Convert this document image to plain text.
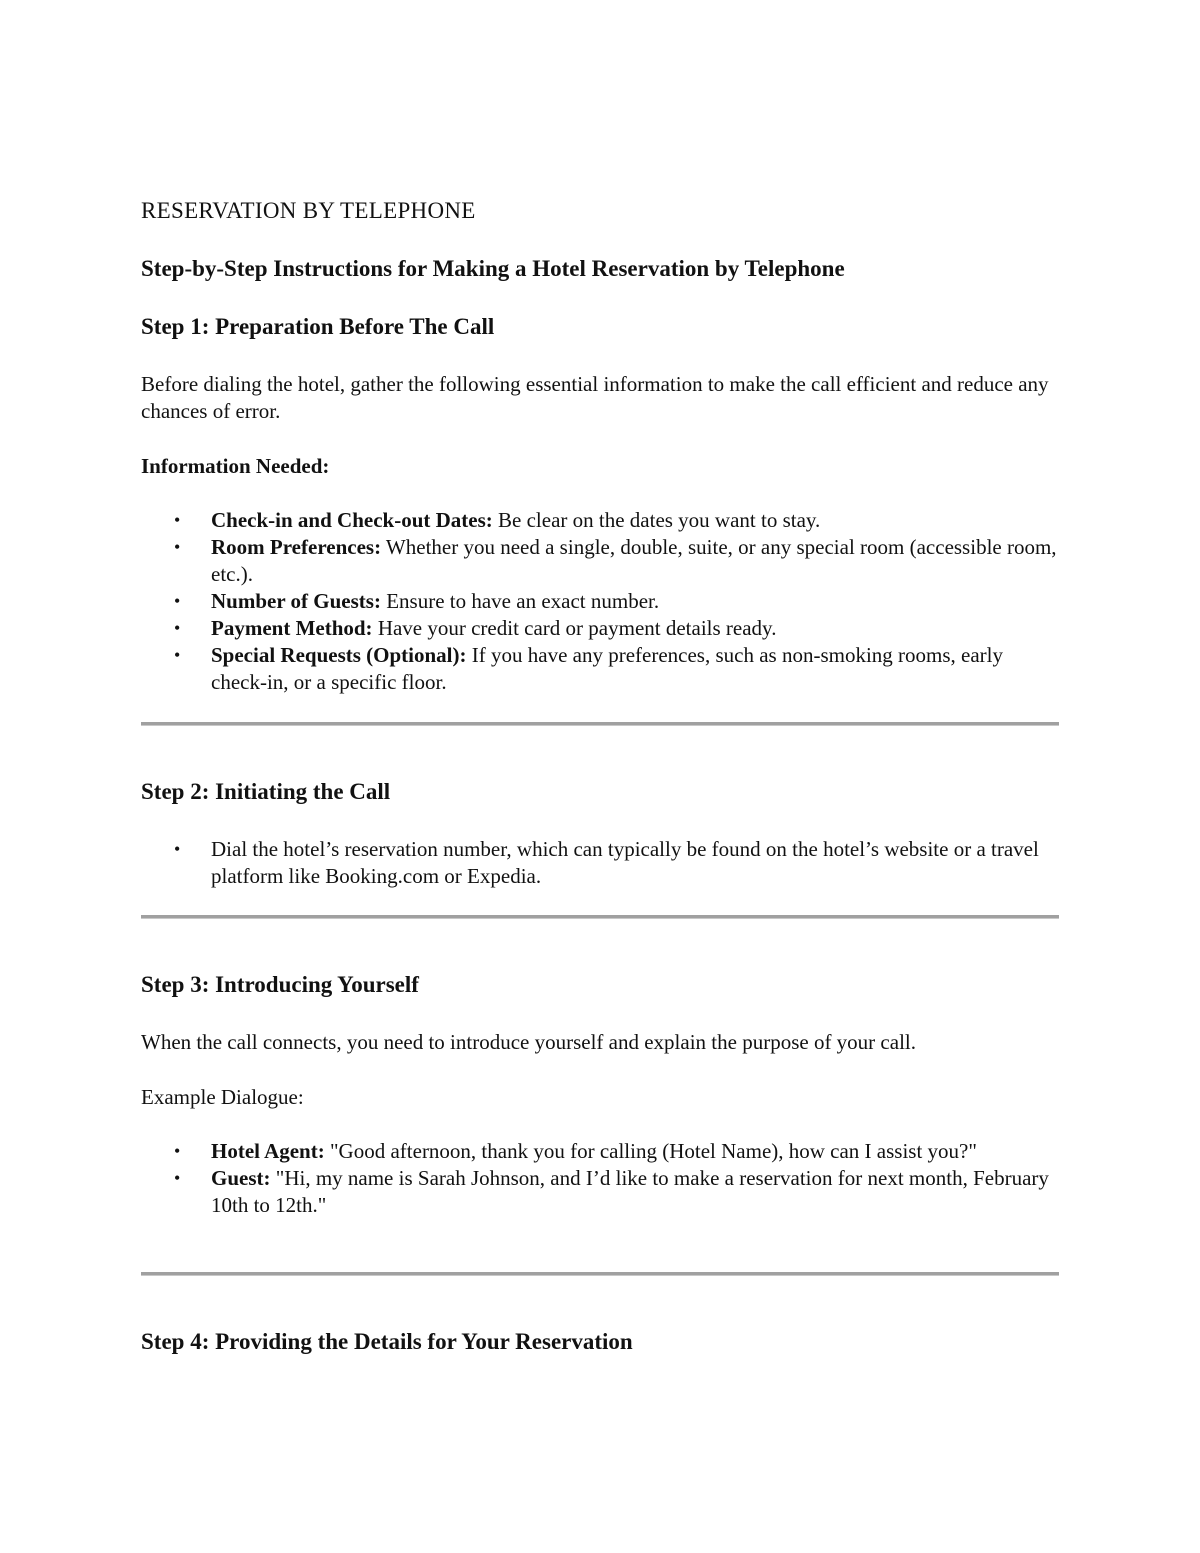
RESERVATION BY TELEPHONE
Step-by-Step Instructions for Making a Hotel Reservation by Telephone
Step 1: Preparation Before The Call
Before dialing the hotel, gather the following essential information to make the call efficient and reduce any chances of error.
Information Needed:
• Check-in and Check-out Dates: Be clear on the dates you want to stay.
• Room Preferences: Whether you need a single, double, suite, or any special room (accessible room, etc.).
• Number of Guests: Ensure to have an exact number.
• Payment Method: Have your credit card or payment details ready.
• Special Requests (Optional): If you have any preferences, such as non-smoking rooms, early check-in, or a specific floor.
Step 2: Initiating the Call
• Dial the hotel’s reservation number, which can typically be found on the hotel’s website or a travel platform like Booking.com or Expedia.
Step 3: Introducing Yourself
When the call connects, you need to introduce yourself and explain the purpose of your call.
Example Dialogue:
• Hotel Agent: "Good afternoon, thank you for calling (Hotel Name), how can I assist you?"
• Guest: "Hi, my name is Sarah Johnson, and I’d like to make a reservation for next month, February 10th to 12th."
Step 4: Providing the Details for Your Reservation
